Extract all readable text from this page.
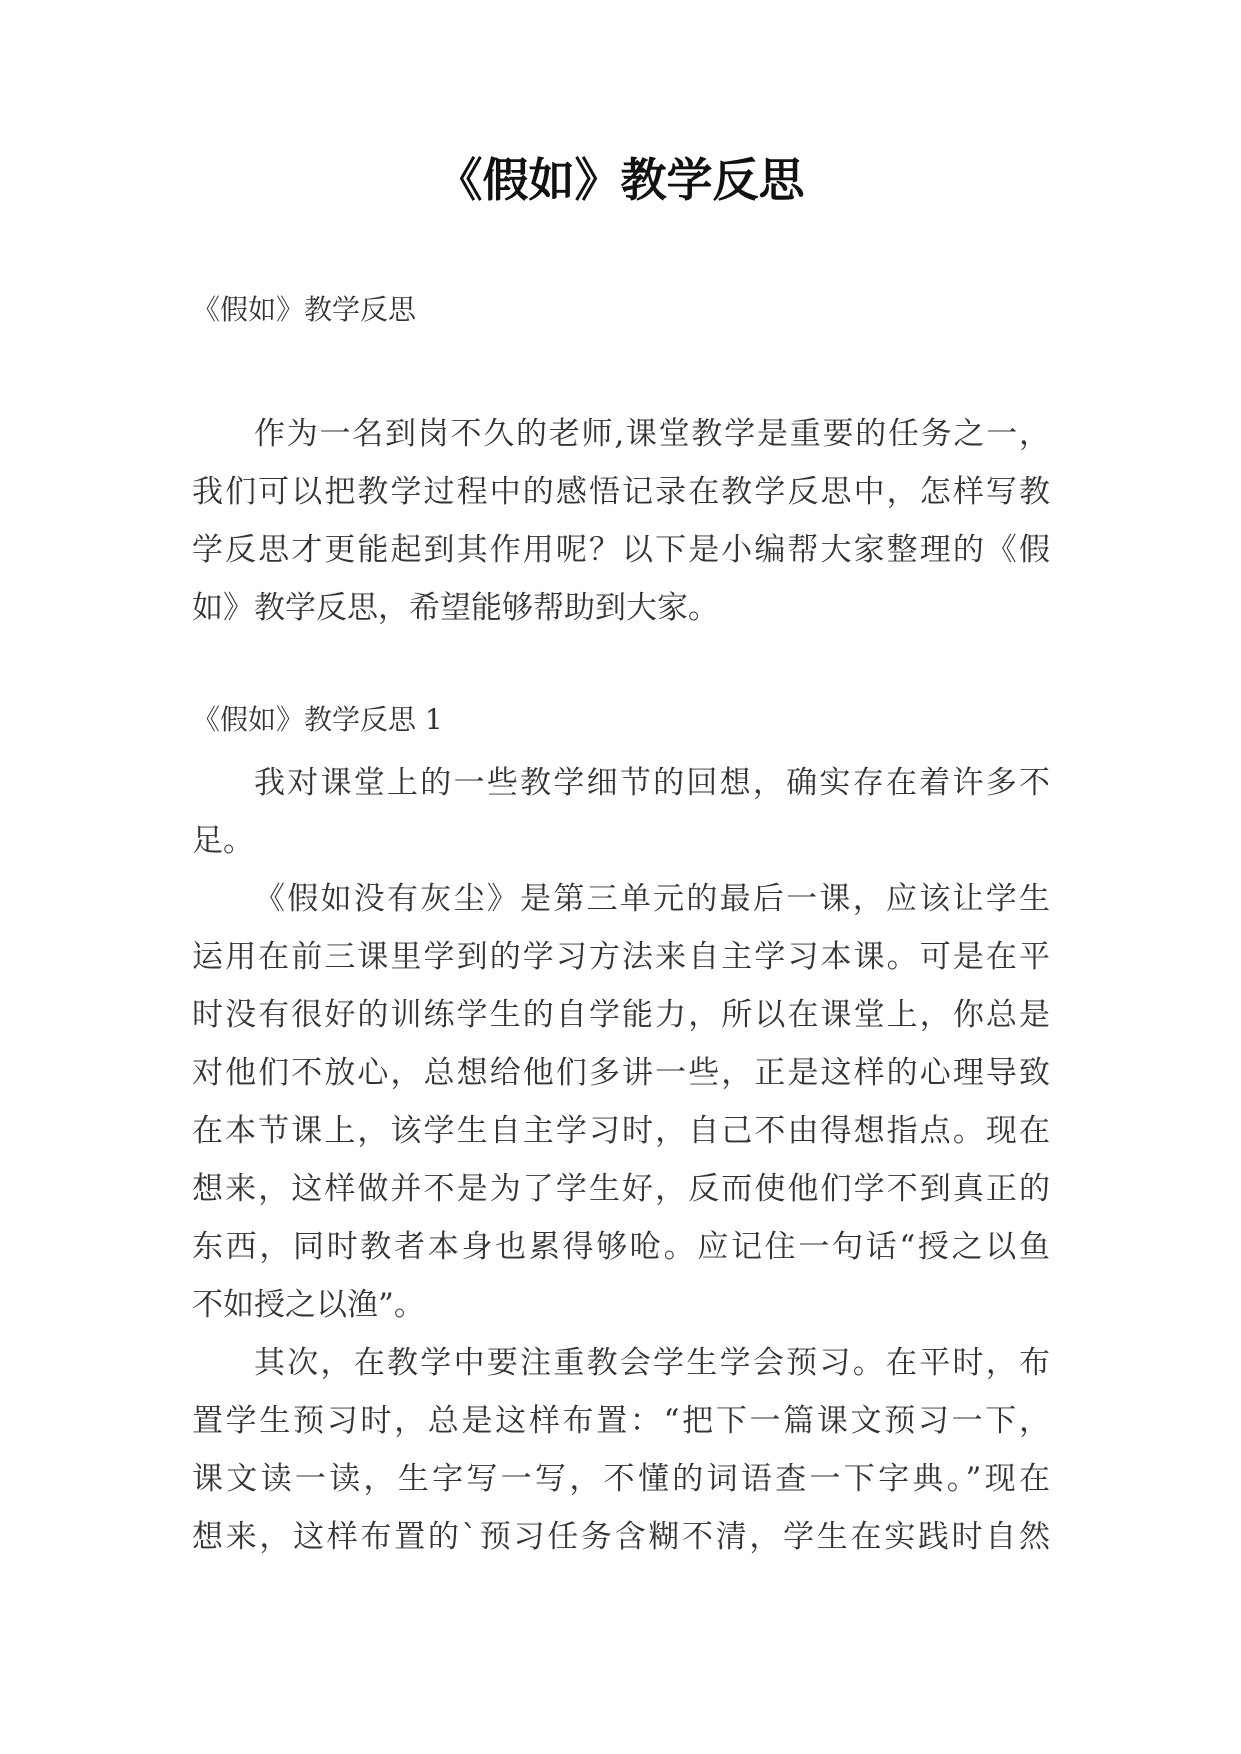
《假如》教学反思
《假如》教学反思
作为一名到岗不久的老师,课堂教学是重要的任务之一，
我们可以把教学过程中的感悟记录在教学反思中，怎样写教
学反思才更能起到其作用呢？以下是小编帮大家整理的《假
如》教学反思，希望能够帮助到大家。
《假如》教学反思 1
我对课堂上的一些教学细节的回想，确实存在着许多不
足。
《假如没有灰尘》是第三单元的最后一课，应该让学生
运用在前三课里学到的学习方法来自主学习本课。可是在平
时没有很好的训练学生的自学能力，所以在课堂上，你总是
对他们不放心，总想给他们多讲一些，正是这样的心理导致
在本节课上，该学生自主学习时，自己不由得想指点。现在
想来，这样做并不是为了学生好，反而使他们学不到真正的
东西，同时教者本身也累得够呛。应记住一句话“授之以鱼
不如授之以渔”。
其次，在教学中要注重教会学生学会预习。在平时，布
置学生预习时，总是这样布置：“把下一篇课文预习一下，
课文读一读，生字写一写，不懂的词语查一下字典。”现在
想来，这样布置的`预习任务含糊不清，学生在实践时自然
